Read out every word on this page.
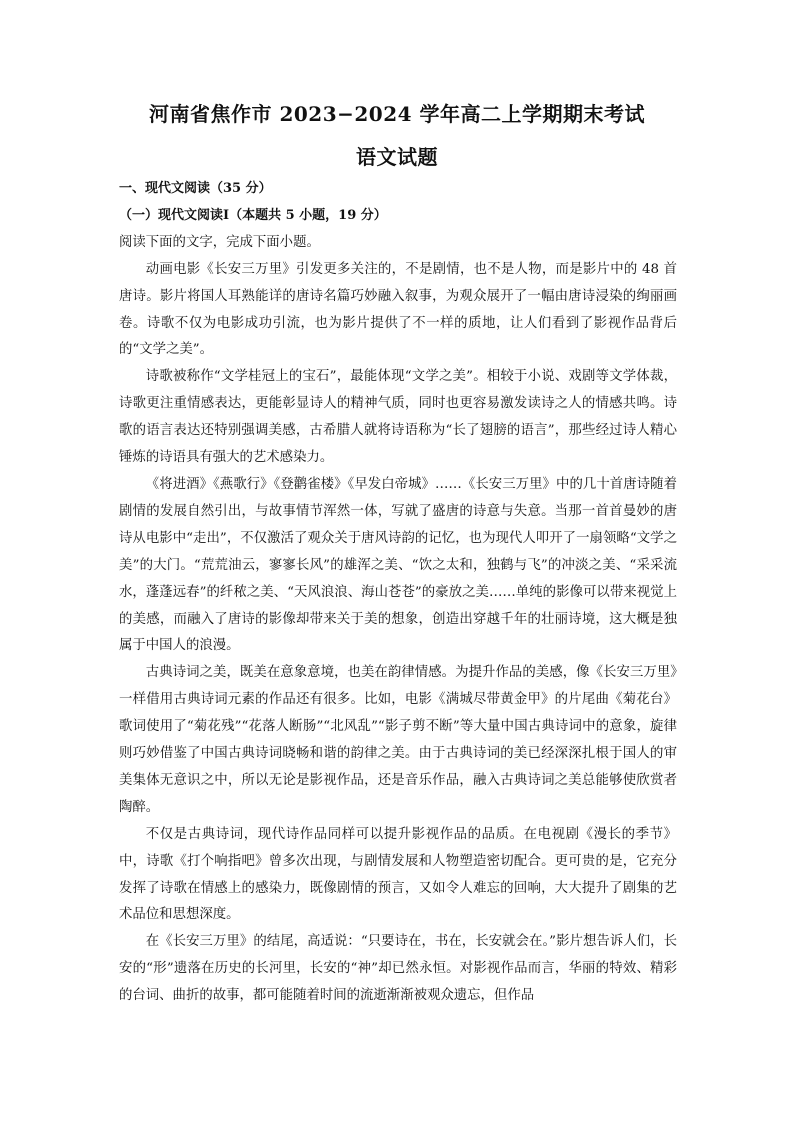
河南省焦作市 2023−2024 学年高二上学期期末考试
语文试题

一、现代文阅读（35 分）

（一）现代文阅读Ⅰ（本题共 5 小题，19 分）

阅读下面的文字，完成下面小题。

动画电影《长安三万里》引发更多关注的，不是剧情，也不是人物，而是影片中的 48 首唐诗。影片将国人耳熟能详的唐诗名篇巧妙融入叙事，为观众展开了一幅由唐诗浸染的绚丽画卷。诗歌不仅为电影成功引流，也为影片提供了不一样的质地，让人们看到了影视作品背后的“文学之美”。

诗歌被称作“文学桂冠上的宝石”，最能体现“文学之美”。相较于小说、戏剧等文学体裁，诗歌更注重情感表达，更能彰显诗人的精神气质，同时也更容易激发读诗之人的情感共鸣。诗歌的语言表达还特别强调美感，古希腊人就将诗语称为“长了翅膀的语言”，那些经过诗人精心锤炼的诗语具有强大的艺术感染力。

《将进酒》《燕歌行》《登鹳雀楼》《早发白帝城》……《长安三万里》中的几十首唐诗随着剧情的发展自然引出，与故事情节浑然一体，写就了盛唐的诗意与失意。当那一首首曼妙的唐诗从电影中“走出”，不仅激活了观众关于唐风诗韵的记忆，也为现代人叩开了一扇领略“文学之美”的大门。“荒荒油云，寥寥长风”的雄浑之美、“饮之太和，独鹤与飞”的冲淡之美、“采采流水，蓬蓬远春”的纤秾之美、“天风浪浪、海山苍苍”的豪放之美……单纯的影像可以带来视觉上的美感，而融入了唐诗的影像却带来关于美的想象，创造出穿越千年的壮丽诗境，这大概是独属于中国人的浪漫。

古典诗词之美，既美在意象意境，也美在韵律情感。为提升作品的美感，像《长安三万里》一样借用古典诗词元素的作品还有很多。比如，电影《满城尽带黄金甲》的片尾曲《菊花台》歌词使用了“菊花残”“花落人断肠”“北风乱”“影子剪不断”等大量中国古典诗词中的意象，旋律则巧妙借鉴了中国古典诗词晓畅和谐的韵律之美。由于古典诗词的美已经深深扎根于国人的审美集体无意识之中，所以无论是影视作品，还是音乐作品，融入古典诗词之美总能够使欣赏者陶醉。

不仅是古典诗词，现代诗作品同样可以提升影视作品的品质。在电视剧《漫长的季节》中，诗歌《打个响指吧》曾多次出现，与剧情发展和人物塑造密切配合。更可贵的是，它充分发挥了诗歌在情感上的感染力，既像剧情的预言，又如令人难忘的回响，大大提升了剧集的艺术品位和思想深度。

在《长安三万里》的结尾，高适说：“只要诗在，书在，长安就会在。”影片想告诉人们，长安的“形”遗落在历史的长河里，长安的“神”却已然永恒。对影视作品而言，华丽的特效、精彩的台词、曲折的故事，都可能随着时间的流逝渐渐被观众遗忘，但作品
